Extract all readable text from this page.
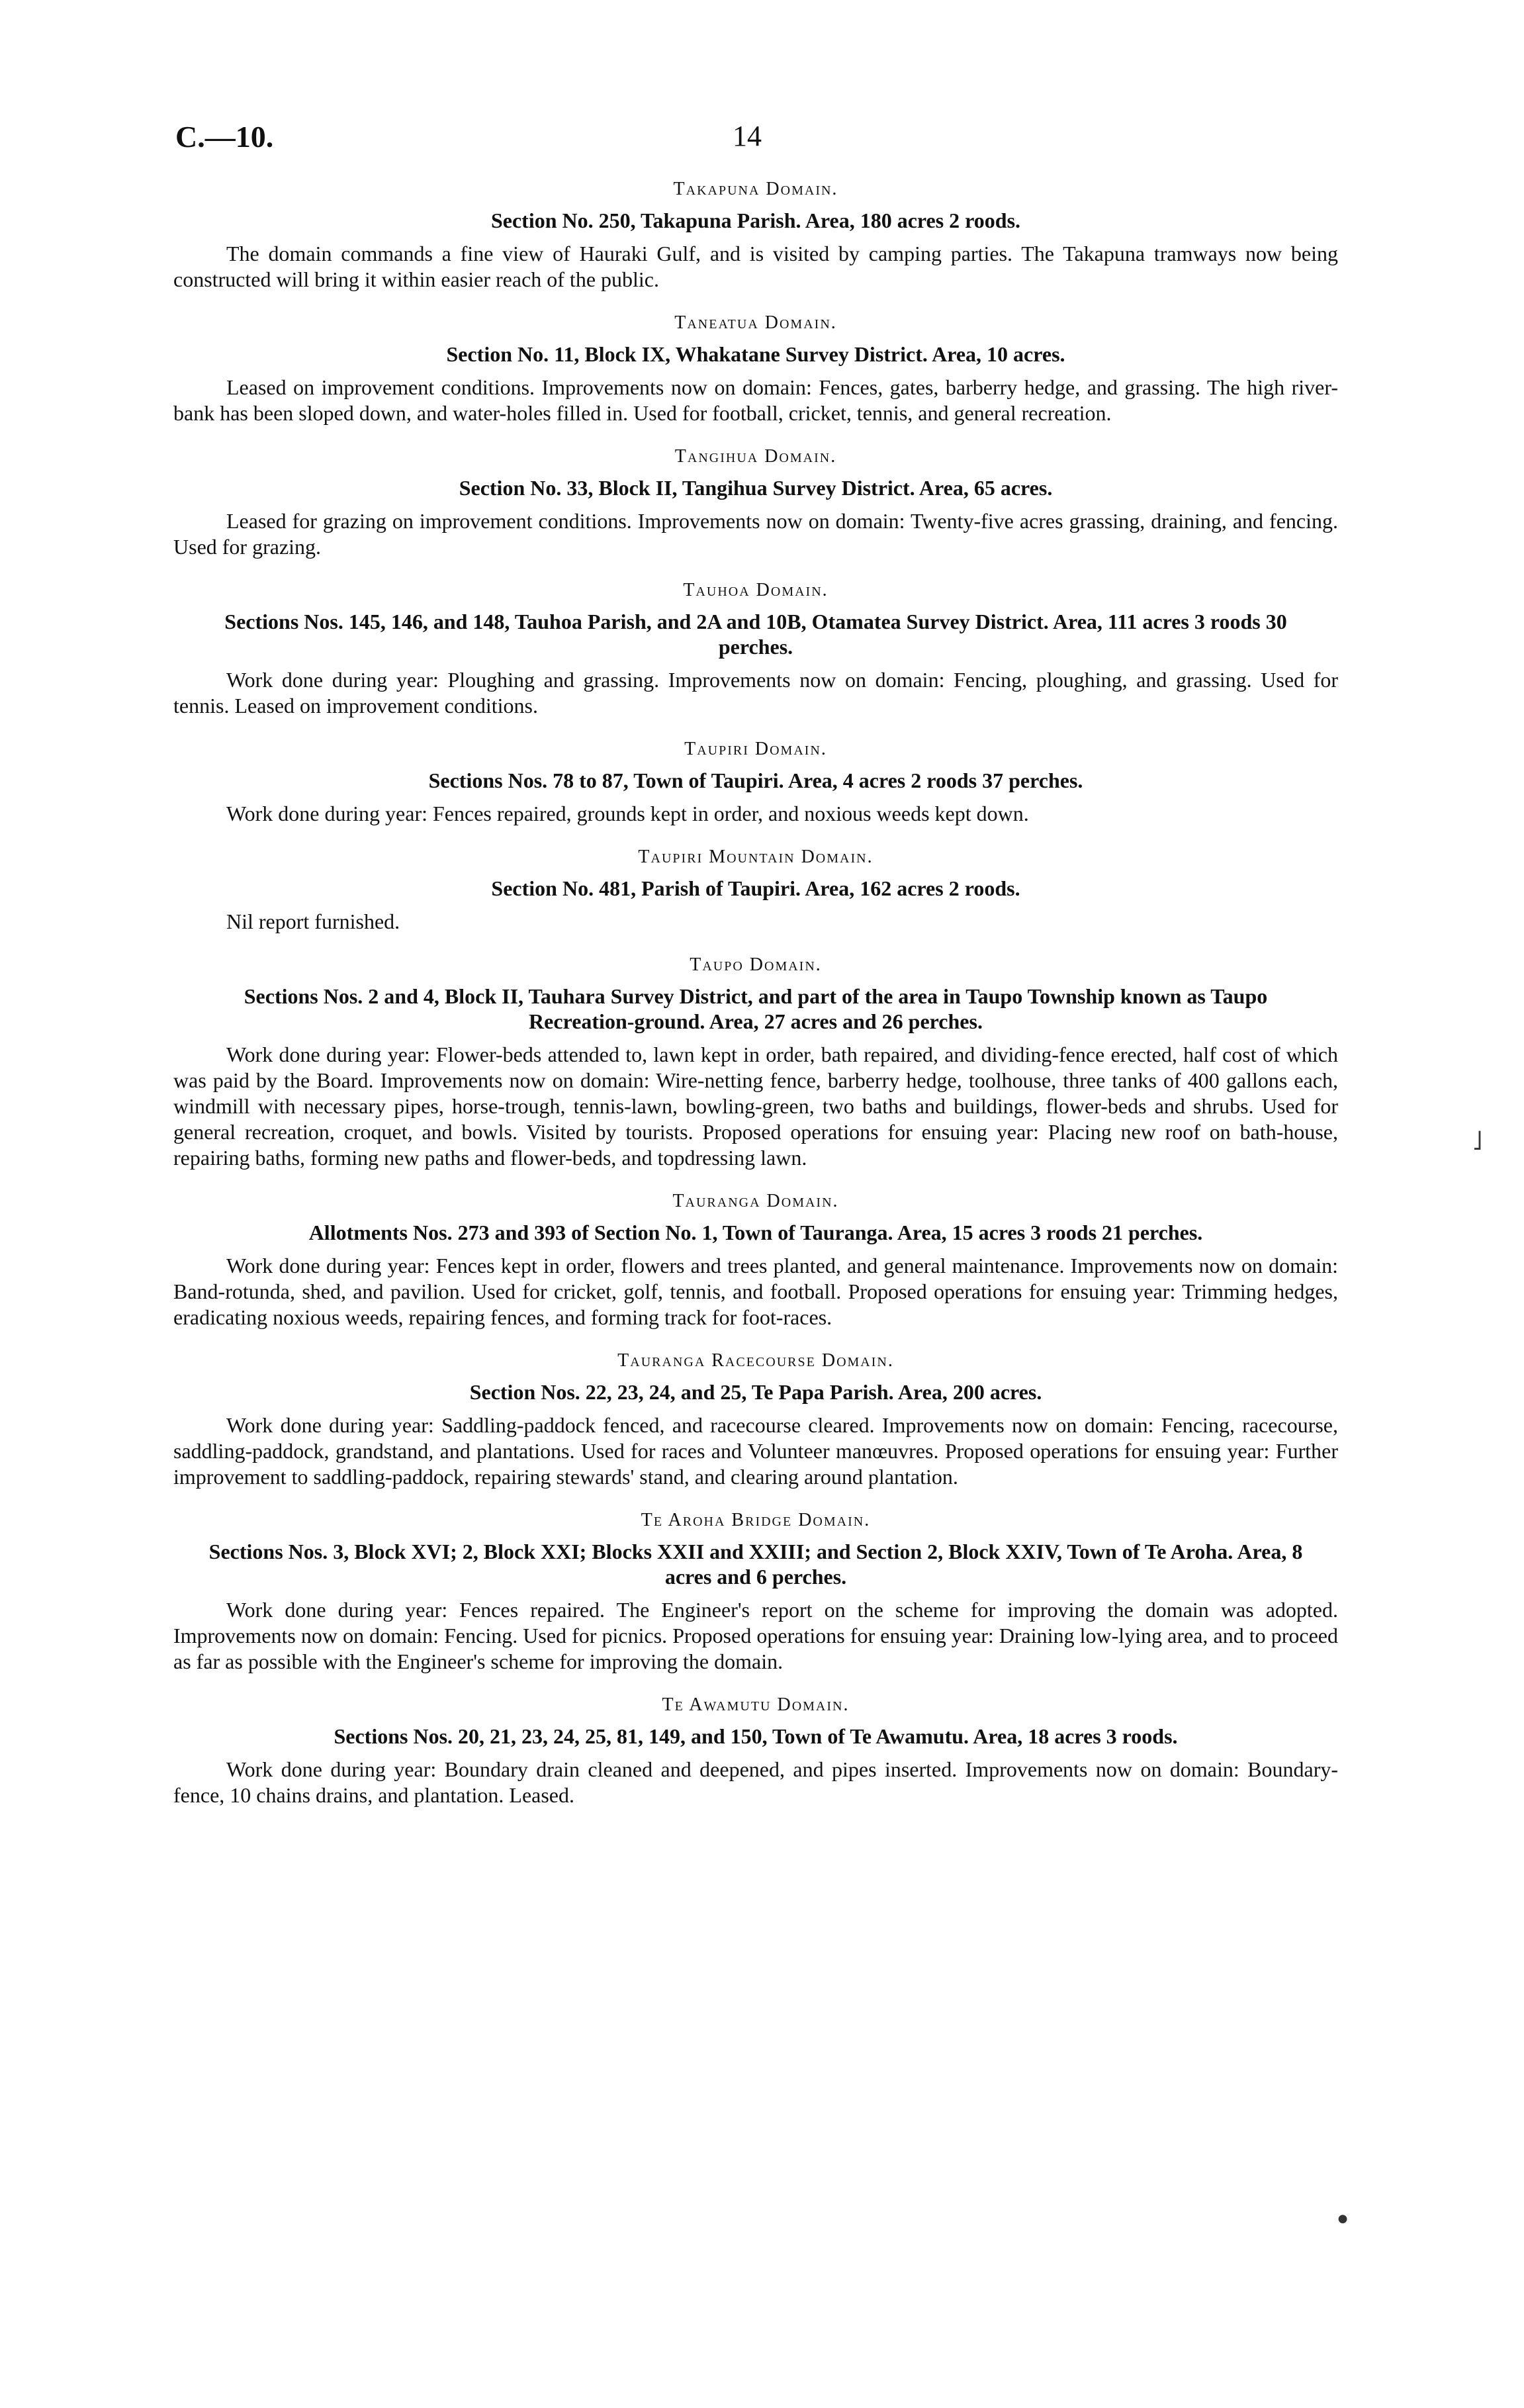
C.—10.	14
Takapuna Domain.
Section No. 250, Takapuna Parish. Area, 180 acres 2 roods.

The domain commands a fine view of Hauraki Gulf, and is visited by camping parties. The Takapuna tramways now being constructed will bring it within easier reach of the public.

Taneatua Domain.
Section No. 11, Block IX, Whakatane Survey District. Area, 10 acres.

Leased on improvement conditions. Improvements now on domain: Fences, gates, barberry hedge, and grassing. The high river-bank has been sloped down, and water-holes filled in. Used for football, cricket, tennis, and general recreation.

Tangihua Domain.
Section No. 33, Block II, Tangihua Survey District. Area, 65 acres.

Leased for grazing on improvement conditions. Improvements now on domain: Twenty-five acres grassing, draining, and fencing. Used for grazing.

Tauhoa Domain.
Sections Nos. 145, 146, and 148, Tauhoa Parish, and 2A and 10B, Otamatea Survey District. Area, 111 acres 3 roods 30 perches.

Work done during year: Ploughing and grassing. Improvements now on domain: Fencing, ploughing, and grassing. Used for tennis. Leased on improvement conditions.

Taupiri Domain.
Sections Nos. 78 to 87, Town of Taupiri. Area, 4 acres 2 roods 37 perches.

Work done during year: Fences repaired, grounds kept in order, and noxious weeds kept down.

Taupiri Mountain Domain.
Section No. 481, Parish of Taupiri. Area, 162 acres 2 roods.

Nil report furnished.

Taupo Domain.
Sections Nos. 2 and 4, Block II, Tauhara Survey District, and part of the area in Taupo Township known as Taupo Recreation-ground. Area, 27 acres and 26 perches.

Work done during year: Flower-beds attended to, lawn kept in order, bath repaired, and dividing-fence erected, half cost of which was paid by the Board. Improvements now on domain: Wire-netting fence, barberry hedge, toolhouse, three tanks of 400 gallons each, windmill with necessary pipes, horse-trough, tennis-lawn, bowling-green, two baths and buildings, flower-beds and shrubs. Used for general recreation, croquet, and bowls. Visited by tourists. Proposed operations for ensuing year: Placing new roof on bath-house, repairing baths, forming new paths and flower-beds, and topdressing lawn.

Tauranga Domain.
Allotments Nos. 273 and 393 of Section No. 1, Town of Tauranga. Area, 15 acres 3 roods 21 perches.

Work done during year: Fences kept in order, flowers and trees planted, and general maintenance. Improvements now on domain: Band-rotunda, shed, and pavilion. Used for cricket, golf, tennis, and football. Proposed operations for ensuing year: Trimming hedges, eradicating noxious weeds, repairing fences, and forming track for foot-races.

Tauranga Racecourse Domain.
Section Nos. 22, 23, 24, and 25, Te Papa Parish. Area, 200 acres.

Work done during year: Saddling-paddock fenced, and racecourse cleared. Improvements now on domain: Fencing, racecourse, saddling-paddock, grandstand, and plantations. Used for races and Volunteer manœuvres. Proposed operations for ensuing year: Further improvement to saddling-paddock, repairing stewards' stand, and clearing around plantation.

Te Aroha Bridge Domain.
Sections Nos. 3, Block XVI; 2, Block XXI; Blocks XXII and XXIII; and Section 2, Block XXIV, Town of Te Aroha. Area, 8 acres and 6 perches.

Work done during year: Fences repaired. The Engineer's report on the scheme for improving the domain was adopted. Improvements now on domain: Fencing. Used for picnics. Proposed operations for ensuing year: Draining low-lying area, and to proceed as far as possible with the Engineer's scheme for improving the domain.

Te Awamutu Domain.
Sections Nos. 20, 21, 23, 24, 25, 81, 149, and 150, Town of Te Awamutu. Area, 18 acres 3 roods.

Work done during year: Boundary drain cleaned and deepened, and pipes inserted. Improvements now on domain: Boundary-fence, 10 chains drains, and plantation. Leased.

˩
●
